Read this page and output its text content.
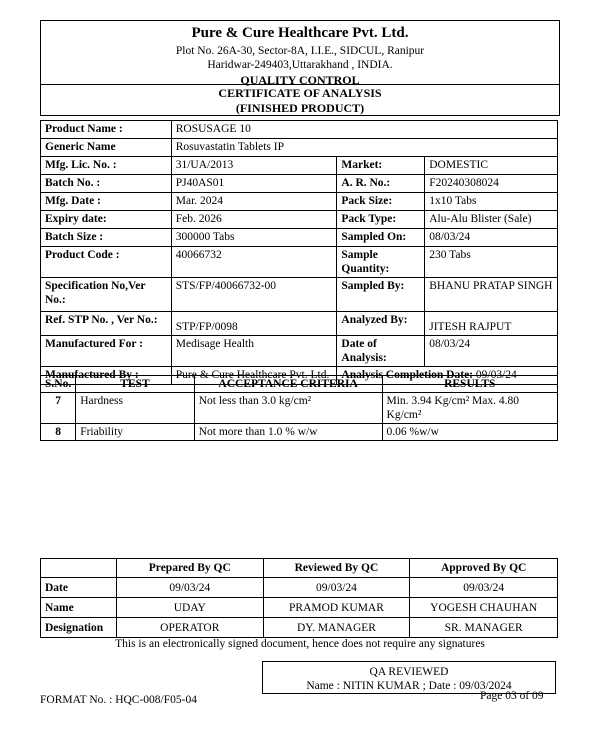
Pure & Cure Healthcare Pvt. Ltd.
Plot No. 26A-30, Sector-8A, I.I.E., SIDCUL, Ranipur
Haridwar-249403,Uttarakhand , INDIA.
QUALITY CONTROL
CERTIFICATE OF ANALYSIS
(FINISHED PRODUCT)
Product Name :	ROSUSAGE 10		
Generic Name	Rosuvastatin Tablets IP		
Mfg. Lic. No. :	31/UA/2013	Market:	DOMESTIC
Batch No. :	PJ40AS01	A. R. No.:	F20240308024
Mfg. Date :	Mar. 2024	Pack Size:	1x10 Tabs
Expiry date:	Feb. 2026	Pack Type:	Alu-Alu Blister (Sale)
Batch Size :	300000 Tabs	Sampled On:	08/03/24
Product Code :	40066732	Sample Quantity:	230 Tabs
Specification No,Ver No.:	STS/FP/40066732-00	Sampled By:	BHANU PRATAP SINGH
Ref. STP No. , Ver No.:	STP/FP/0098	Analyzed By:	JITESH RAJPUT
Manufactured For :	Medisage Health	Date of Analysis:	08/03/24
Manufactured By :	Pure & Cure Healthcare Pvt. Ltd.	Analysis Completion Date: 09/03/24	
S.No.	TEST	ACCEPTANCE CRITERIA	RESULTS
7	Hardness	Not less than 3.0 kg/cm²	Min. 3.94 Kg/cm² Max. 4.80 Kg/cm²
8	Friability	Not more than 1.0 % w/w	0.06 %w/w
	Prepared By QC	Reviewed By QC	Approved By QC
Date	09/03/24	09/03/24	09/03/24
Name	UDAY	PRAMOD KUMAR	YOGESH CHAUHAN
Designation	OPERATOR	DY. MANAGER	SR. MANAGER
This is an electronically signed document, hence does not require any signatures
QA REVIEWED
Name : NITIN KUMAR ; Date : 09/03/2024
FORMAT No. : HQC-008/F05-04	Page 03 of 09
